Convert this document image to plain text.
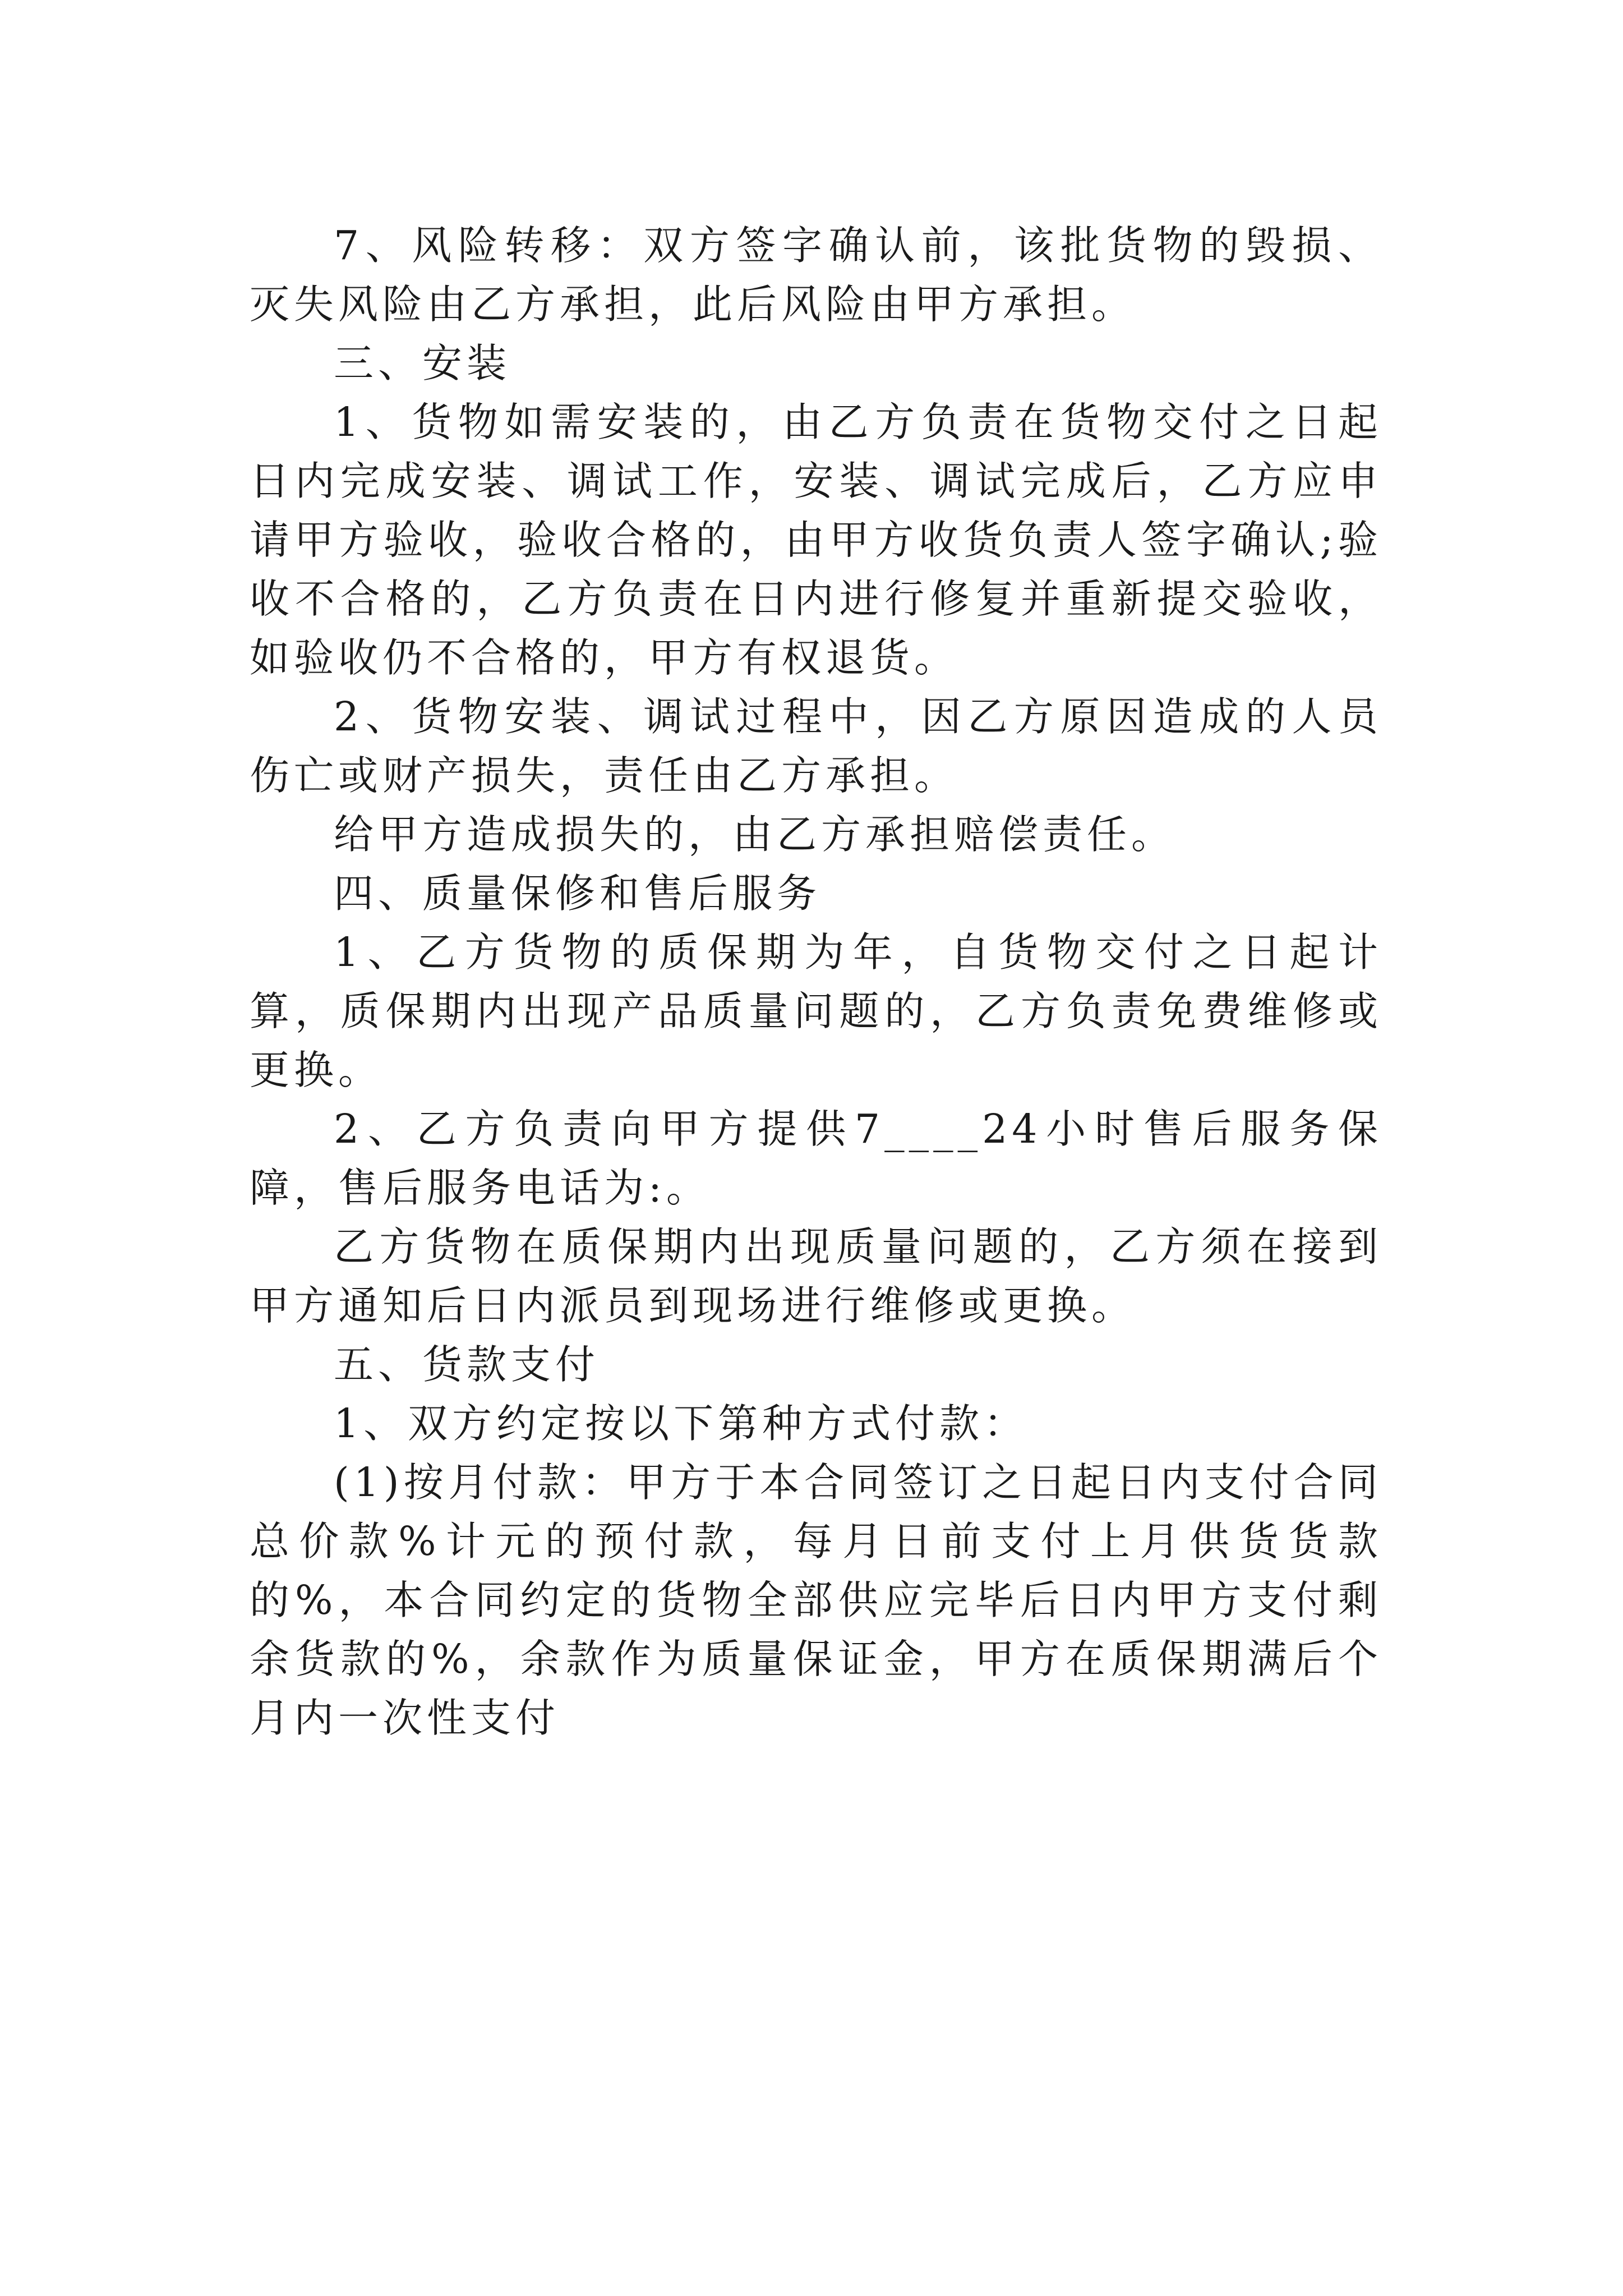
7、风险转移：双方签字确认前，该批货物的毁损、灭失风险由乙方承担，此后风险由甲方承担。

三、安装

1、货物如需安装的，由乙方负责在货物交付之日起日内完成安装、调试工作，安装、调试完成后，乙方应申请甲方验收，验收合格的，由甲方收货负责人签字确认;验收不合格的，乙方负责在日内进行修复并重新提交验收，如验收仍不合格的，甲方有权退货。

2、货物安装、调试过程中，因乙方原因造成的人员伤亡或财产损失，责任由乙方承担。

给甲方造成损失的，由乙方承担赔偿责任。

四、质量保修和售后服务

1、乙方货物的质保期为年，自货物交付之日起计算，质保期内出现产品质量问题的，乙方负责免费维修或更换。

2、乙方负责向甲方提供7____24小时售后服务保障，售后服务电话为:。

乙方货物在质保期内出现质量问题的，乙方须在接到甲方通知后日内派员到现场进行维修或更换。

五、货款支付

1、双方约定按以下第种方式付款：

(1)按月付款：甲方于本合同签订之日起日内支付合同总价款%计元的预付款，每月日前支付上月供货货款的%，本合同约定的货物全部供应完毕后日内甲方支付剩余货款的%，余款作为质量保证金，甲方在质保期满后个月内一次性支付
